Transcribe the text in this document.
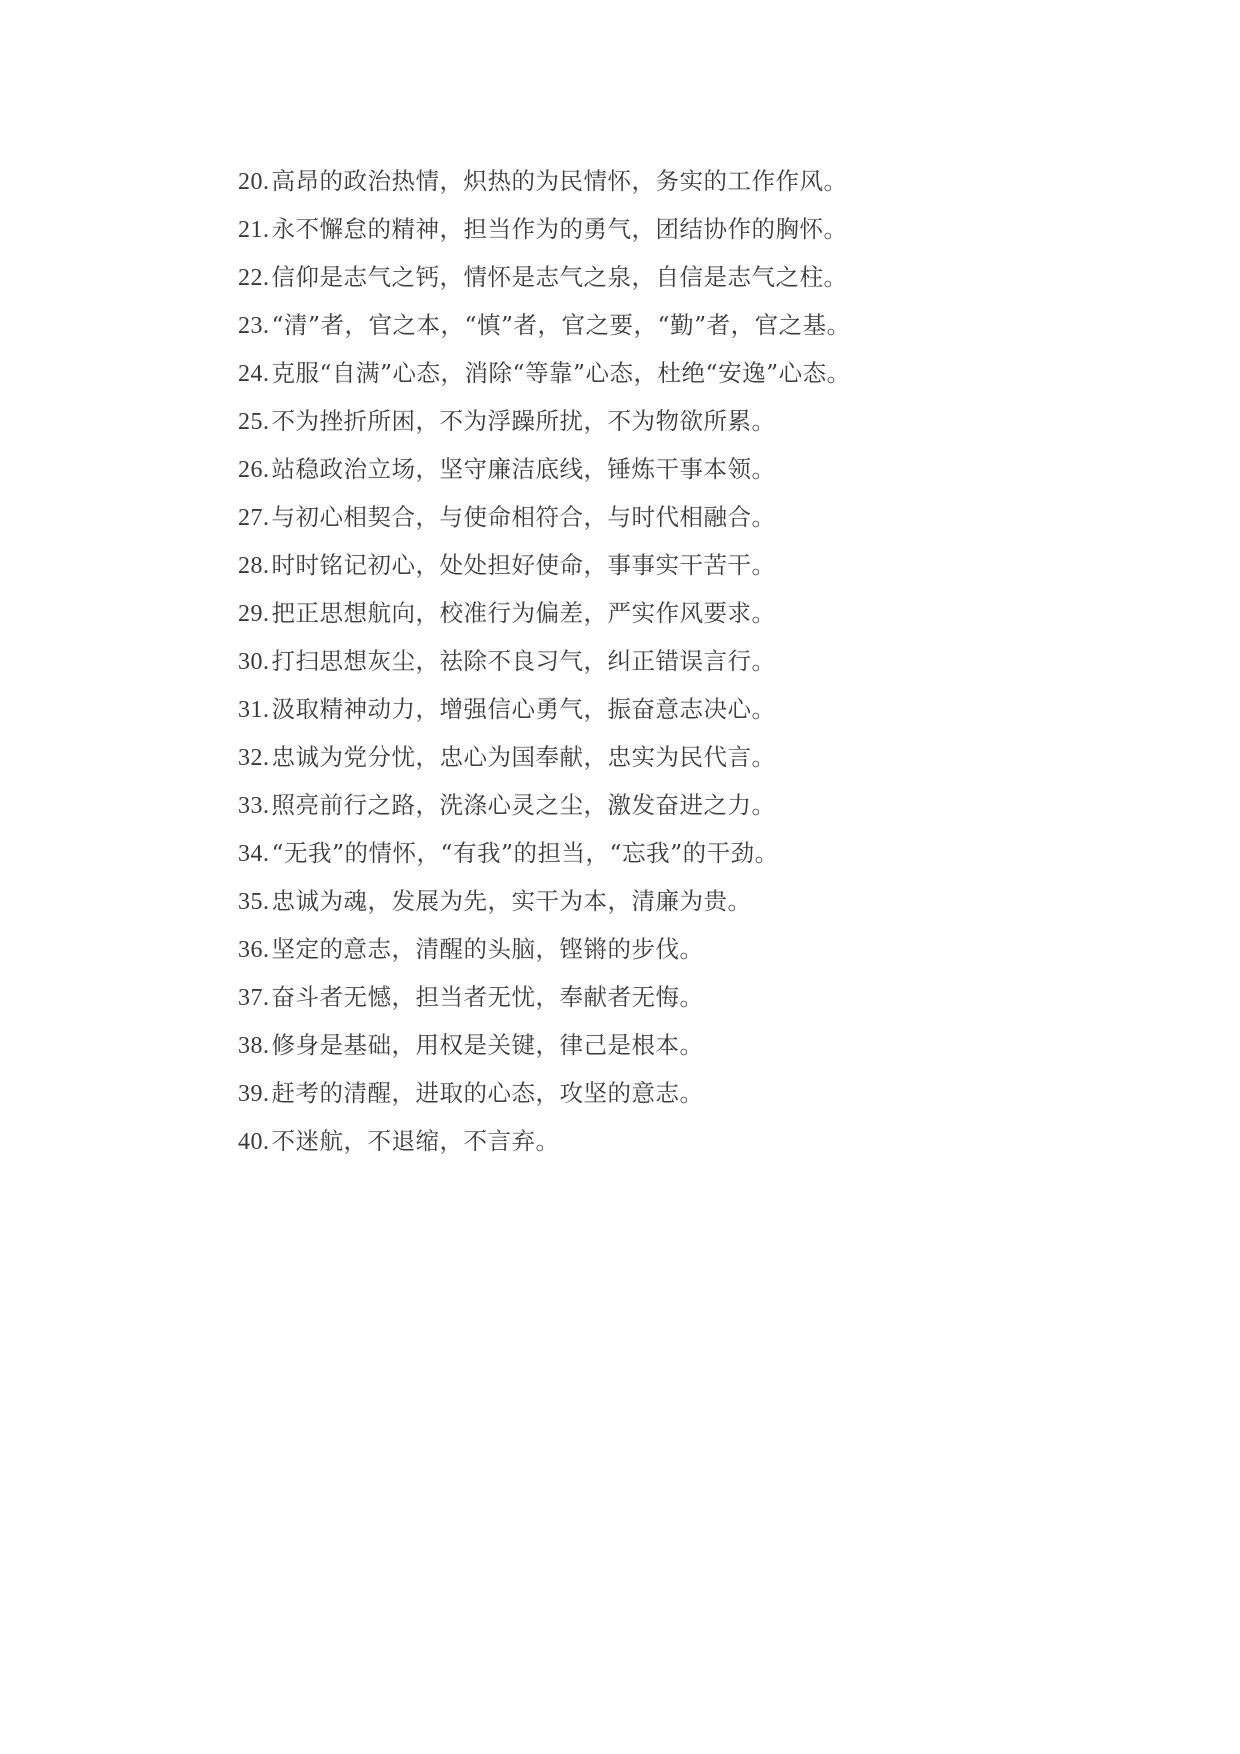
20.高昂的政治热情，炽热的为民情怀，务实的工作作风。
21.永不懈怠的精神，担当作为的勇气，团结协作的胸怀。
22.信仰是志气之钙，情怀是志气之泉，自信是志气之柱。
23.“清”者，官之本，“慎”者，官之要，“勤”者，官之基。
24.克服“自满”心态，消除“等靠”心态，杜绝“安逸”心态。
25.不为挫折所困，不为浮躁所扰，不为物欲所累。
26.站稳政治立场，坚守廉洁底线，锤炼干事本领。
27.与初心相契合，与使命相符合，与时代相融合。
28.时时铭记初心，处处担好使命，事事实干苦干。
29.把正思想航向，校准行为偏差，严实作风要求。
30.打扫思想灰尘，祛除不良习气，纠正错误言行。
31.汲取精神动力，增强信心勇气，振奋意志决心。
32.忠诚为党分忧，忠心为国奉献，忠实为民代言。
33.照亮前行之路，洗涤心灵之尘，激发奋进之力。
34.“无我”的情怀，“有我”的担当，“忘我”的干劲。
35.忠诚为魂，发展为先，实干为本，清廉为贵。
36.坚定的意志，清醒的头脑，铿锵的步伐。
37.奋斗者无憾，担当者无忧，奉献者无悔。
38.修身是基础，用权是关键，律己是根本。
39.赶考的清醒，进取的心态，攻坚的意志。
40.不迷航，不退缩，不言弃。
